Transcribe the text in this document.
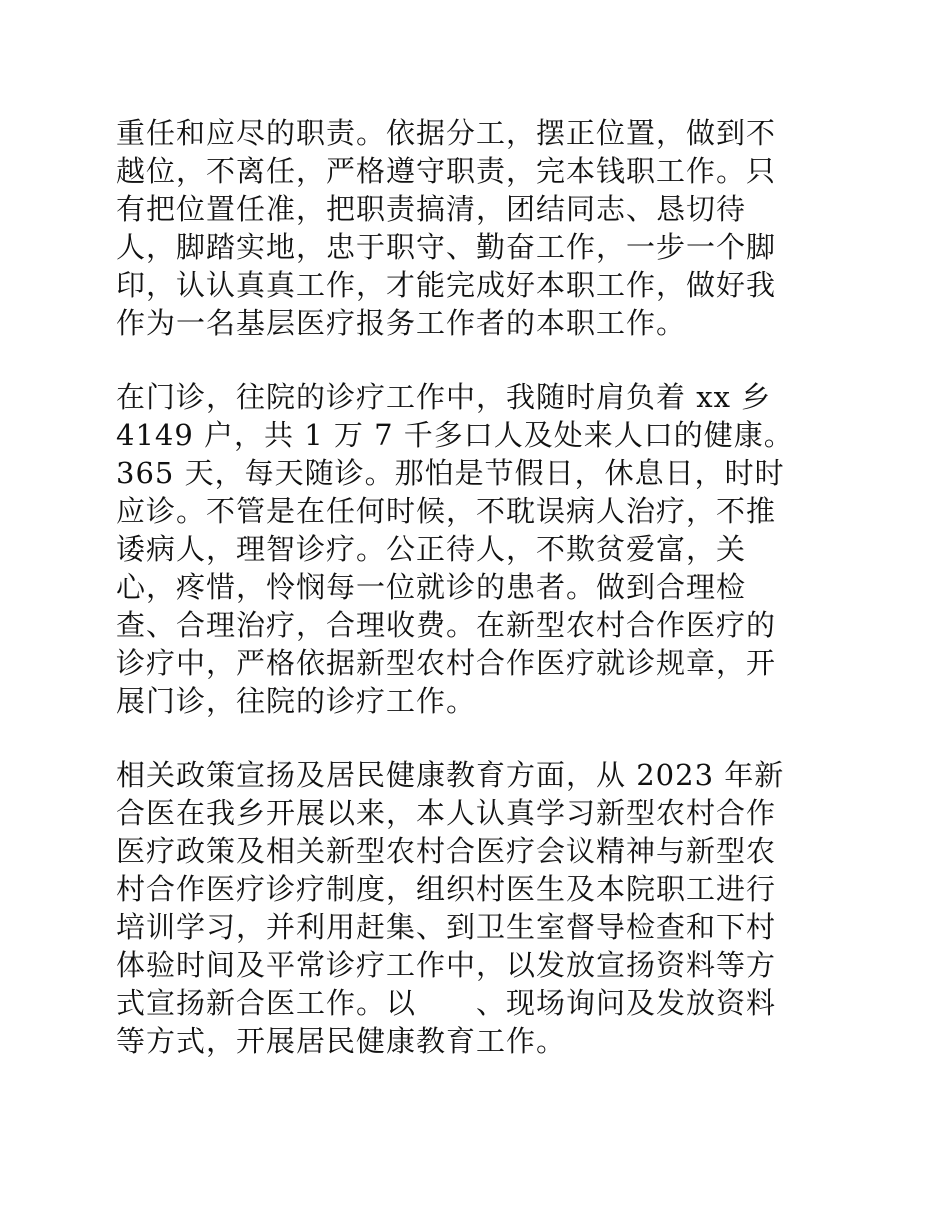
重任和应尽的职责。依据分工，摆正位置，做到不
越位，不离任，严格遵守职责，完本钱职工作。只
有把位置任准，把职责搞清，团结同志、恳切待
人，脚踏实地，忠于职守、勤奋工作，一步一个脚
印，认认真真工作，才能完成好本职工作，做好我
作为一名基层医疗报务工作者的本职工作。

在门诊，往院的诊疗工作中，我随时肩负着 xx 乡
4149 户，共 1 万 7 千多口人及处来人口的健康。
365 天，每天随诊。那怕是节假日，休息日，时时
应诊。不管是在任何时候，不耽误病人治疗，不推
诿病人，理智诊疗。公正待人，不欺贫爱富，关
心，疼惜，怜悯每一位就诊的患者。做到合理检
查、合理治疗，合理收费。在新型农村合作医疗的
诊疗中，严格依据新型农村合作医疗就诊规章，开
展门诊，往院的诊疗工作。

相关政策宣扬及居民健康教育方面，从 2023 年新
合医在我乡开展以来，本人认真学习新型农村合作
医疗政策及相关新型农村合医疗会议精神与新型农
村合作医疗诊疗制度，组织村医生及本院职工进行
培训学习，并利用赶集、到卫生室督导检查和下村
体验时间及平常诊疗工作中，以发放宣扬资料等方
式宣扬新合医工作。以　　、现场询问及发放资料
等方式，开展居民健康教育工作。
